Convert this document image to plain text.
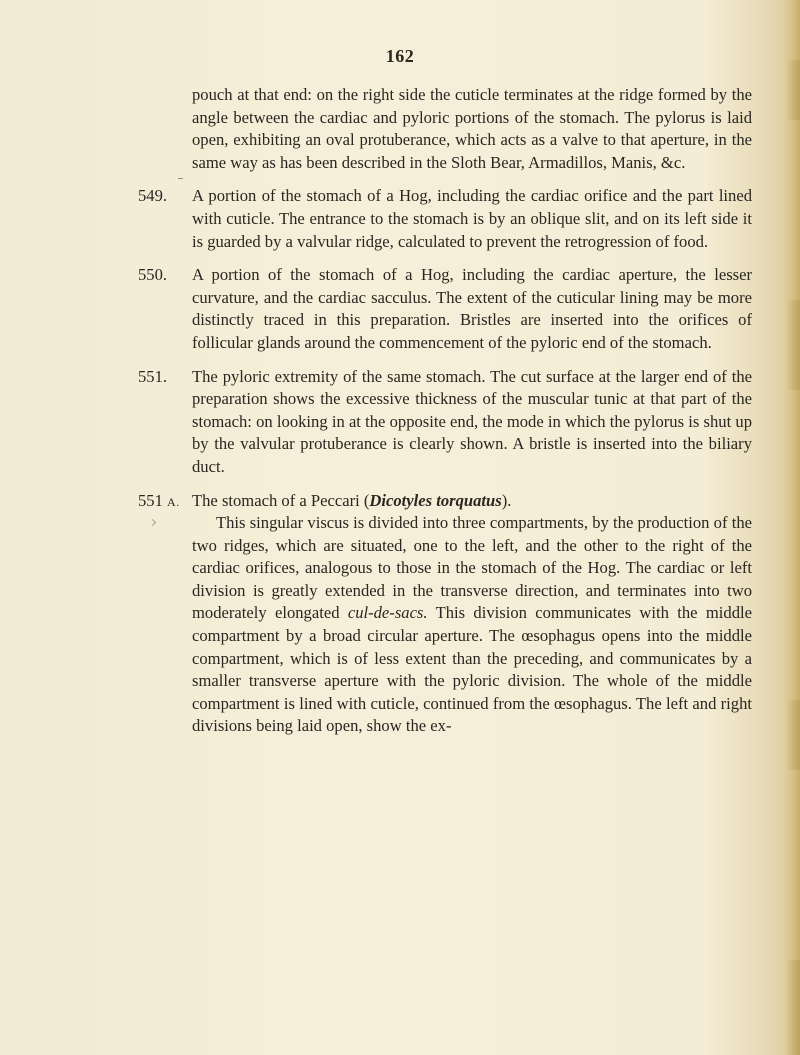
162

pouch at that end: on the right side the cuticle terminates at the ridge formed by the angle between the cardiac and pyloric portions of the stomach. The pylorus is laid open, exhibiting an oval protuberance, which acts as a valve to that aperture, in the same way as has been described in the Sloth Bear, Armadillos, Manis, &c.

549. A portion of the stomach of a Hog, including the cardiac orifice and the part lined with cuticle. The entrance to the stomach is by an oblique slit, and on its left side it is guarded by a valvular ridge, calculated to prevent the retrogression of food.

550. A portion of the stomach of a Hog, including the cardiac aperture, the lesser curvature, and the cardiac sacculus. The extent of the cuticular lining may be more distinctly traced in this preparation. Bristles are inserted into the orifices of follicular glands around the commencement of the pyloric end of the stomach.

551. The pyloric extremity of the same stomach. The cut surface at the larger end of the preparation shows the excessive thickness of the muscular tunic at that part of the stomach: on looking in at the opposite end, the mode in which the pylorus is shut up by the valvular protuberance is clearly shown. A bristle is inserted into the biliary duct.

551 A. The stomach of a Peccari (Dicotyles torquatus).

This singular viscus is divided into three compartments, by the production of the two ridges, which are situated, one to the left, and the other to the right of the cardiac orifices, analogous to those in the stomach of the Hog. The cardiac or left division is greatly extended in the transverse direction, and terminates into two moderately elongated cul-de-sacs. This division communicates with the middle compartment by a broad circular aperture. The œsophagus opens into the middle compartment, which is of less extent than the preceding, and communicates by a smaller transverse aperture with the pyloric division. The whole of the middle compartment is lined with cuticle, continued from the œsophagus. The left and right divisions being laid open, show the ex-
